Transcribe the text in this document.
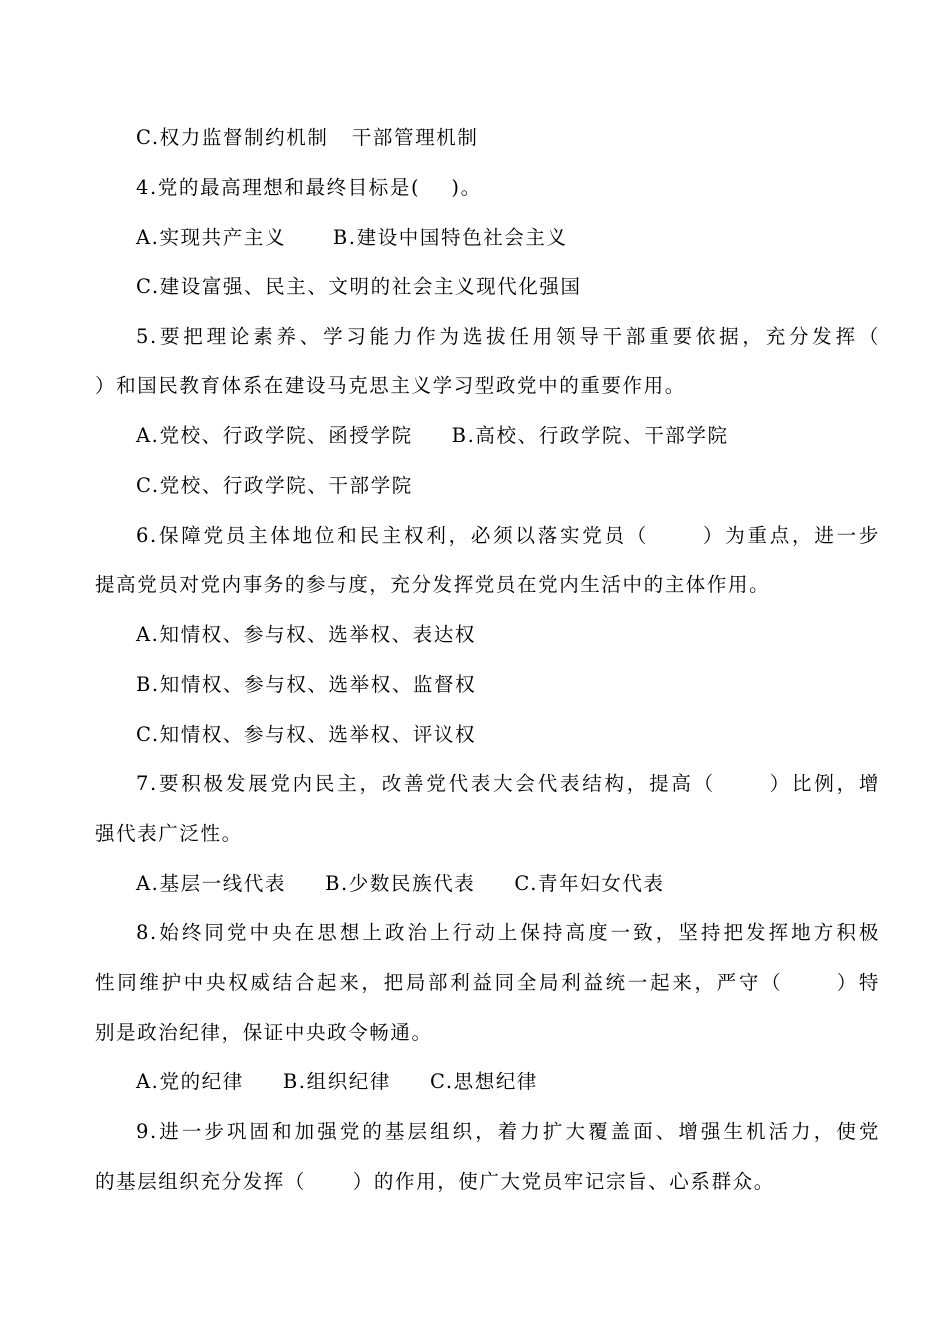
C.权力监督制约机制   干部管理机制
4.党的最高理想和最终目标是(    )。
A.实现共产主义      B.建设中国特色社会主义
C.建设富强、民主、文明的社会主义现代化强国
5.要把理论素养、学习能力作为选拔任用领导干部重要依据，充分发挥（
）和国民教育体系在建设马克思主义学习型政党中的重要作用。
A.党校、行政学院、函授学院     B.高校、行政学院、干部学院
C.党校、行政学院、干部学院
6.保障党员主体地位和民主权利，必须以落实党员（      ）为重点，进一步
提高党员对党内事务的参与度，充分发挥党员在党内生活中的主体作用。
A.知情权、参与权、选举权、表达权
B.知情权、参与权、选举权、监督权
C.知情权、参与权、选举权、评议权
7.要积极发展党内民主，改善党代表大会代表结构，提高（      ）比例，增
强代表广泛性。
A.基层一线代表     B.少数民族代表     C.青年妇女代表
8.始终同党中央在思想上政治上行动上保持高度一致，坚持把发挥地方积极
性同维护中央权威结合起来，把局部利益同全局利益统一起来，严守（      ）特
别是政治纪律，保证中央政令畅通。
A.党的纪律     B.组织纪律     C.思想纪律
9.进一步巩固和加强党的基层组织，着力扩大覆盖面、增强生机活力，使党
的基层组织充分发挥（      ）的作用，使广大党员牢记宗旨、心系群众。
